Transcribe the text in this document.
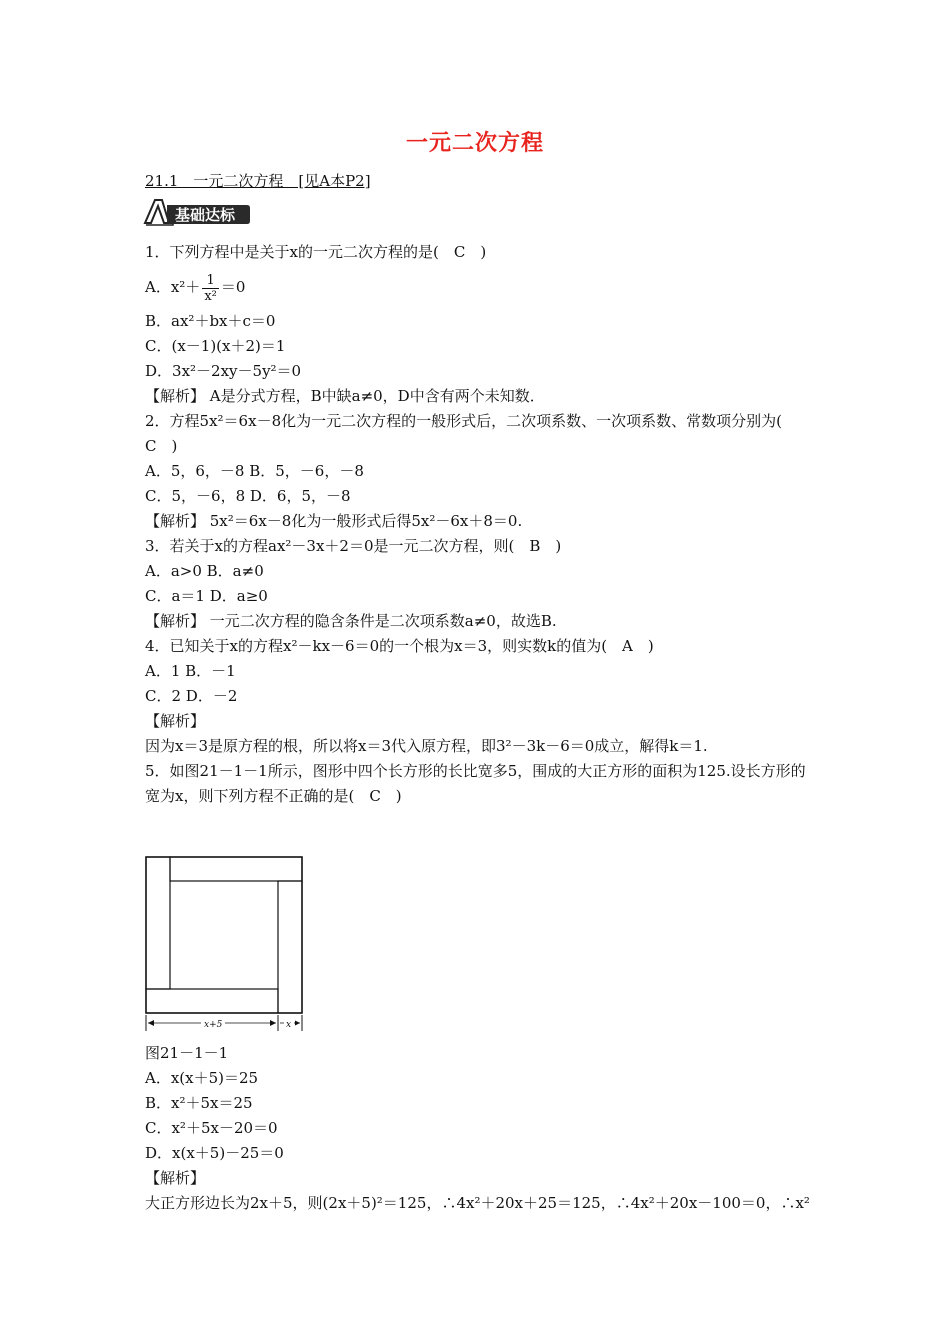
一元二次方程
21.1　一元二次方程　[见A本P2]
基础达标
1．下列方程中是关于x的一元二次方程的是(　C　)
A．$x^2+ \frac{1}{\text{x²}} =0$
B．ax²＋bx＋c＝0
C．(x－1)(x＋2)＝1
D．3x²－2xy－5y²＝0
【解析】 A是分式方程，B中缺a≠0，D中含有两个未知数．
2．方程5x²＝6x－8化为一元二次方程的一般形式后，二次项系数、一次项系数、常数项分别为(　C　)
A．5，6，－8 B．5，－6，－8
C．5，－6，8 D．6，5，－8
【解析】 5x²＝6x－8化为一般形式后得5x²－6x＋8＝0.
3．若关于x的方程ax²－3x＋2＝0是一元二次方程，则(　B　)
A．a>0 B．a≠0
C．a＝1 D．a≥0
【解析】 一元二次方程的隐含条件是二次项系数a≠0，故选B.
4．已知关于x的方程x²－kx－6＝0的一个根为x＝3，则实数k的值为(　A　)
A．1 B．－1
C．2 D．－2
【解析】
因为x＝3是原方程的根，所以将x＝3代入原方程，即3²－3k－6＝0成立，解得k＝1.
5．如图21－1－1所示，图形中四个长方形的长比宽多5，围成的大正方形的面积为125.设长方形的宽为x，则下列方程不正确的是(　C　)
x+5	x
图21－1－1
A．x(x＋5)＝25
B．x²＋5x＝25
C．x²＋5x－20＝0
D．x(x＋5)－25＝0
【解析】
大正方形边长为2x＋5，则(2x＋5)²＝125，∴4x²＋20x＋25＝125，∴4x²＋20x－100＝0，∴x²
